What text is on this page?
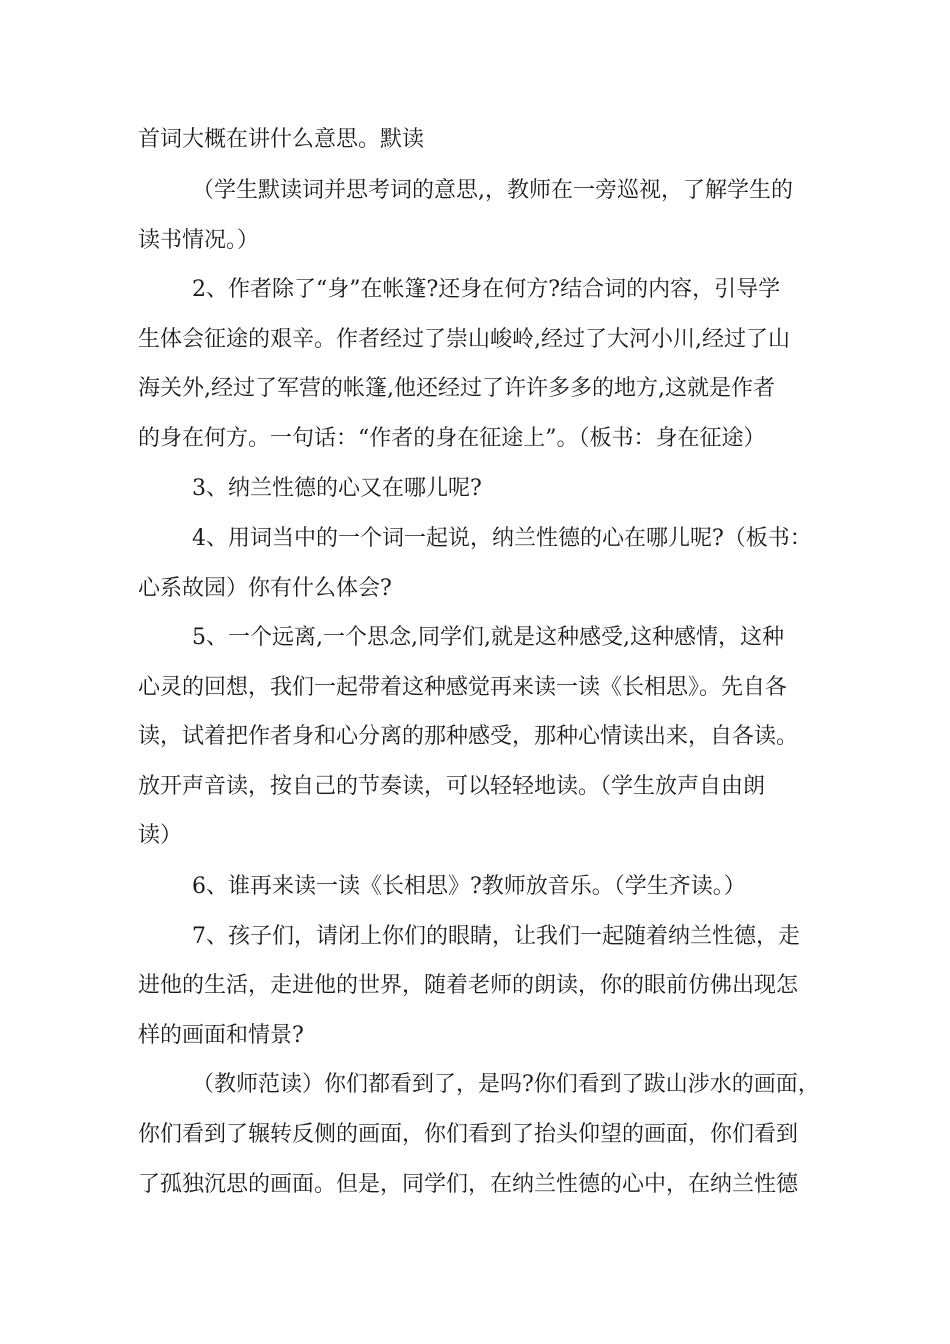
首词大概在讲什么意思。默读
（学生默读词并思考词的意思,，教师在一旁巡视，了解学生的
读书情况。）
2、作者除了“身”在帐篷?还身在何方?结合词的内容，引导学
生体会征途的艰辛。作者经过了崇山峻岭,经过了大河小川,经过了山
海关外,经过了军营的帐篷,他还经过了许许多多的地方,这就是作者
的身在何方。一句话：“作者的身在征途上”。（板书：身在征途）
3、纳兰性德的心又在哪儿呢?
4、用词当中的一个词一起说，纳兰性德的心在哪儿呢?（板书：
心系故园）你有什么体会?
5、一个远离,一个思念,同学们,就是这种感受,这种感情，这种
心灵的回想，我们一起带着这种感觉再来读一读《长相思》。先自各
读，试着把作者身和心分离的那种感受，那种心情读出来，自各读。
放开声音读，按自己的节奏读，可以轻轻地读。（学生放声自由朗
读）
6、谁再来读一读《长相思》?教师放音乐。（学生齐读。）
7、孩子们，请闭上你们的眼睛，让我们一起随着纳兰性德，走
进他的生活，走进他的世界，随着老师的朗读，你的眼前仿佛出现怎
样的画面和情景?
（教师范读）你们都看到了，是吗?你们看到了跋山涉水的画面，
你们看到了辗转反侧的画面，你们看到了抬头仰望的画面，你们看到
了孤独沉思的画面。但是，同学们，在纳兰性德的心中，在纳兰性德
